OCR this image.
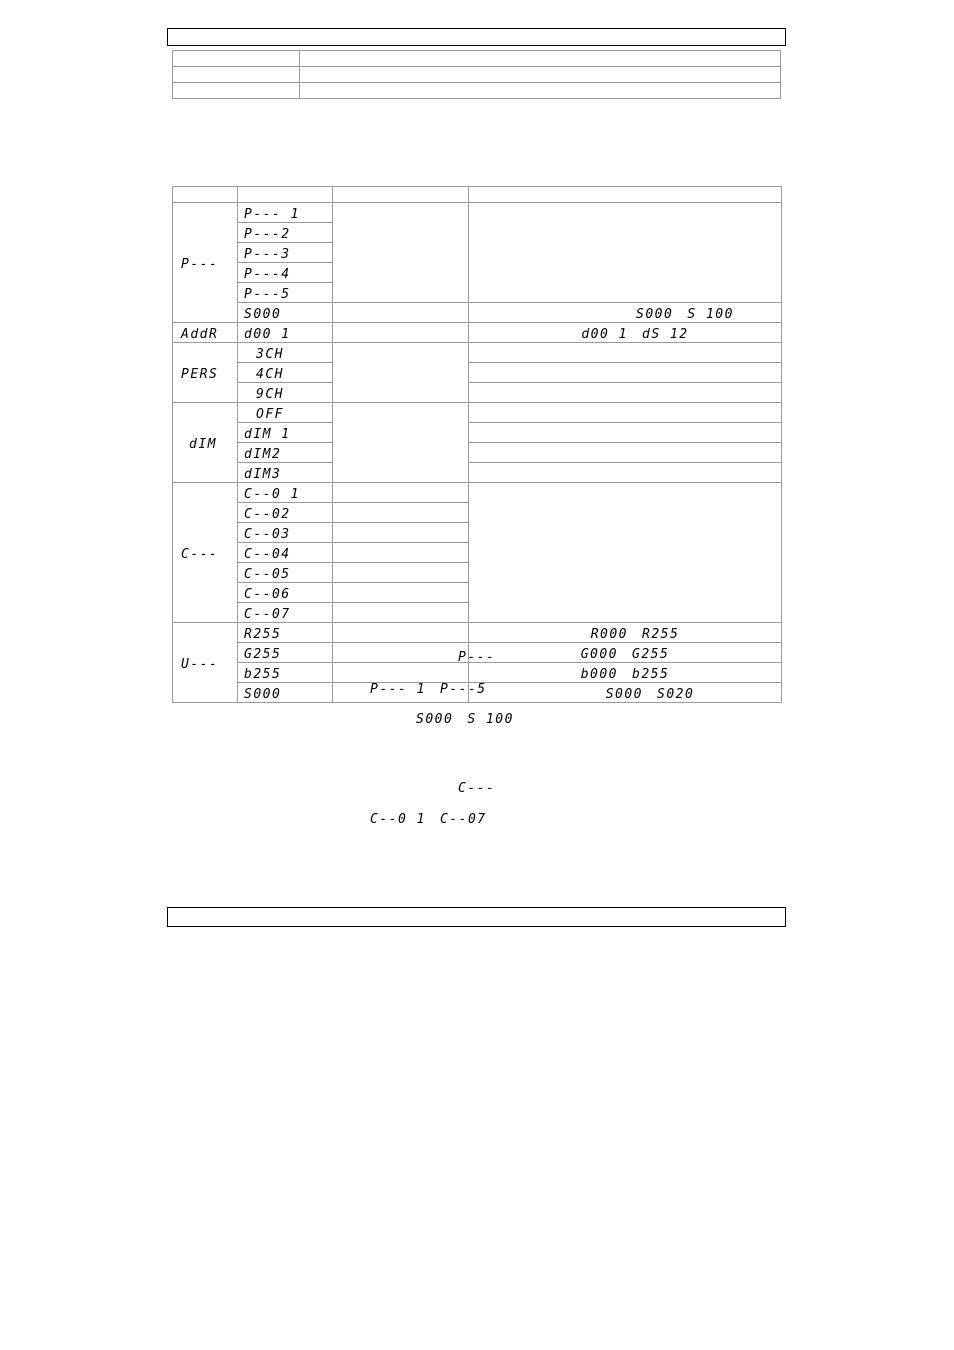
P---	P--- 1		
	P---2		
	P---3		
	P---4		
	P---5		
	S000		S000 S 100
AddR	d00 1		d00 1 dS 12
PERS	3CH		
	4CH		
	9CH		
dIM	OFF		
	dIM 1		
	dIM2		
	dIM3		
C---	C--0 1		
	C--02		
	C--03		
	C--04		
	C--05		
	C--06		
	C--07		
U---	R255		R000 R255
	G255		G000 G255
	b255		b000 b255
	S000		S000 S020
P---
P--- 1 P---5
S000 S 100
C---
C--0 1 C--07
